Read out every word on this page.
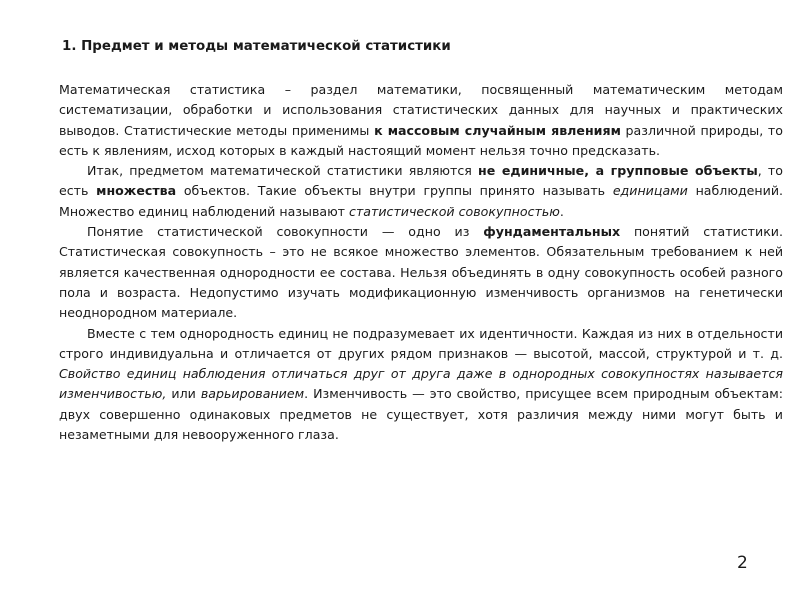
1. Предмет и методы математической статистики

Математическая статистика – раздел математики, посвященный математическим методам систематизации, обработки и использования статистических данных для научных и практических выводов. Статистические методы применимы к массовым случайным явлениям различной природы, то есть к явлениям, исход которых в каждый настоящий момент нельзя точно предсказать.

Итак, предметом математической статистики являются не единичные, а групповые объекты, то есть множества объектов. Такие объекты внутри группы принято называть единицами наблюдений. Множество единиц наблюдений называют статистической совокупностью.

Понятие статистической совокупности — одно из фундаментальных понятий статистики. Статистическая совокупность – это не всякое множество элементов. Обязательным требованием к ней является качественная однородности ее состава. Нельзя объединять в одну совокупность особей разного пола и возраста. Недопустимо изучать модификационную изменчивость организмов на генетически неоднородном материале.

Вместе с тем однородность единиц не подразумевает их идентичности. Каждая из них в отдельности строго индивидуальна и отличается от других рядом признаков — высотой, массой, структурой и т. д. Свойство единиц наблюдения отличаться друг от друга даже в однородных совокупностях называется изменчивостью, или варьированием. Изменчивость — это свойство, присущее всем природным объектам: двух совершенно одинаковых предметов не существует, хотя различия между ними могут быть и незаметными для невооруженного глаза.

2
